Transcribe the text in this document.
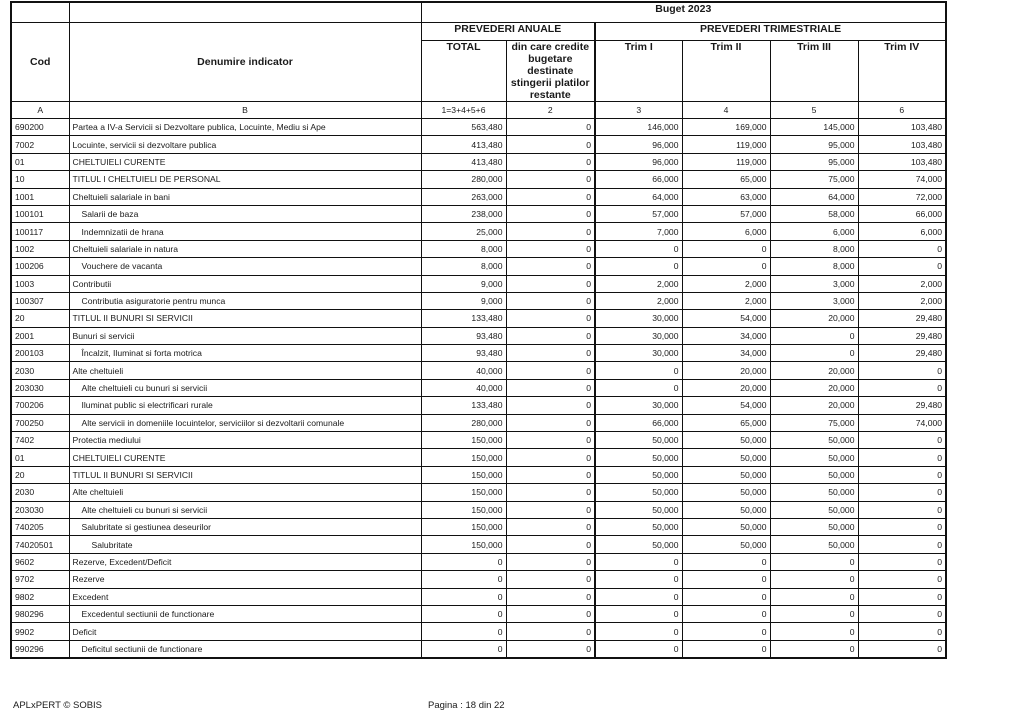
		Buget 2023					
Cod	Denumire indicator	PREVEDERI ANUALE		PREVEDERI TRIMESTRIALE			
		TOTAL	din care credite bugetare destinate stingerii platilor restante	Trim I	Trim II	Trim III	Trim IV
A	B	1=3+4+5+6	2	3	4	5	6
690200	Partea a IV-a Servicii si Dezvoltare publica, Locuinte, Mediu si Ape	563,480	0	146,000	169,000	145,000	103,480
7002	Locuinte, servicii si dezvoltare publica	413,480	0	96,000	119,000	95,000	103,480
01	CHELTUIELI CURENTE	413,480	0	96,000	119,000	95,000	103,480
10	TITLUL I CHELTUIELI DE PERSONAL	280,000	0	66,000	65,000	75,000	74,000
1001	Cheltuieli salariale in bani	263,000	0	64,000	63,000	64,000	72,000
100101	Salarii de baza	238,000	0	57,000	57,000	58,000	66,000
100117	Indemnizatii de hrana	25,000	0	7,000	6,000	6,000	6,000
1002	Cheltuieli salariale in natura	8,000	0	0	0	8,000	0
100206	Vouchere de vacanta	8,000	0	0	0	8,000	0
1003	Contributii	9,000	0	2,000	2,000	3,000	2,000
100307	Contributia asiguratorie pentru munca	9,000	0	2,000	2,000	3,000	2,000
20	TITLUL II BUNURI SI SERVICII	133,480	0	30,000	54,000	20,000	29,480
2001	Bunuri si servicii	93,480	0	30,000	34,000	0	29,480
200103	Încalzit, Iluminat si forta motrica	93,480	0	30,000	34,000	0	29,480
2030	Alte cheltuieli	40,000	0	0	20,000	20,000	0
203030	Alte cheltuieli cu bunuri si servicii	40,000	0	0	20,000	20,000	0
700206	Iluminat public si electrificari rurale	133,480	0	30,000	54,000	20,000	29,480
700250	Alte servicii in domeniile locuintelor, serviciilor si dezvoltarii comunale	280,000	0	66,000	65,000	75,000	74,000
7402	Protectia mediului	150,000	0	50,000	50,000	50,000	0
01	CHELTUIELI CURENTE	150,000	0	50,000	50,000	50,000	0
20	TITLUL II BUNURI SI SERVICII	150,000	0	50,000	50,000	50,000	0
2030	Alte cheltuieli	150,000	0	50,000	50,000	50,000	0
203030	Alte cheltuieli cu bunuri si servicii	150,000	0	50,000	50,000	50,000	0
740205	Salubritate si gestiunea deseurilor	150,000	0	50,000	50,000	50,000	0
74020501	Salubritate	150,000	0	50,000	50,000	50,000	0
9602	Rezerve, Excedent/Deficit	0	0	0	0	0	0
9702	Rezerve	0	0	0	0	0	0
9802	Excedent	0	0	0	0	0	0
980296	Excedentul sectiunii de functionare	0	0	0	0	0	0
9902	Deficit	0	0	0	0	0	0
990296	Deficitul sectiunii de functionare	0	0	0	0	0	0
APLxPERT © SOBIS	Pagina : 18 din 22
